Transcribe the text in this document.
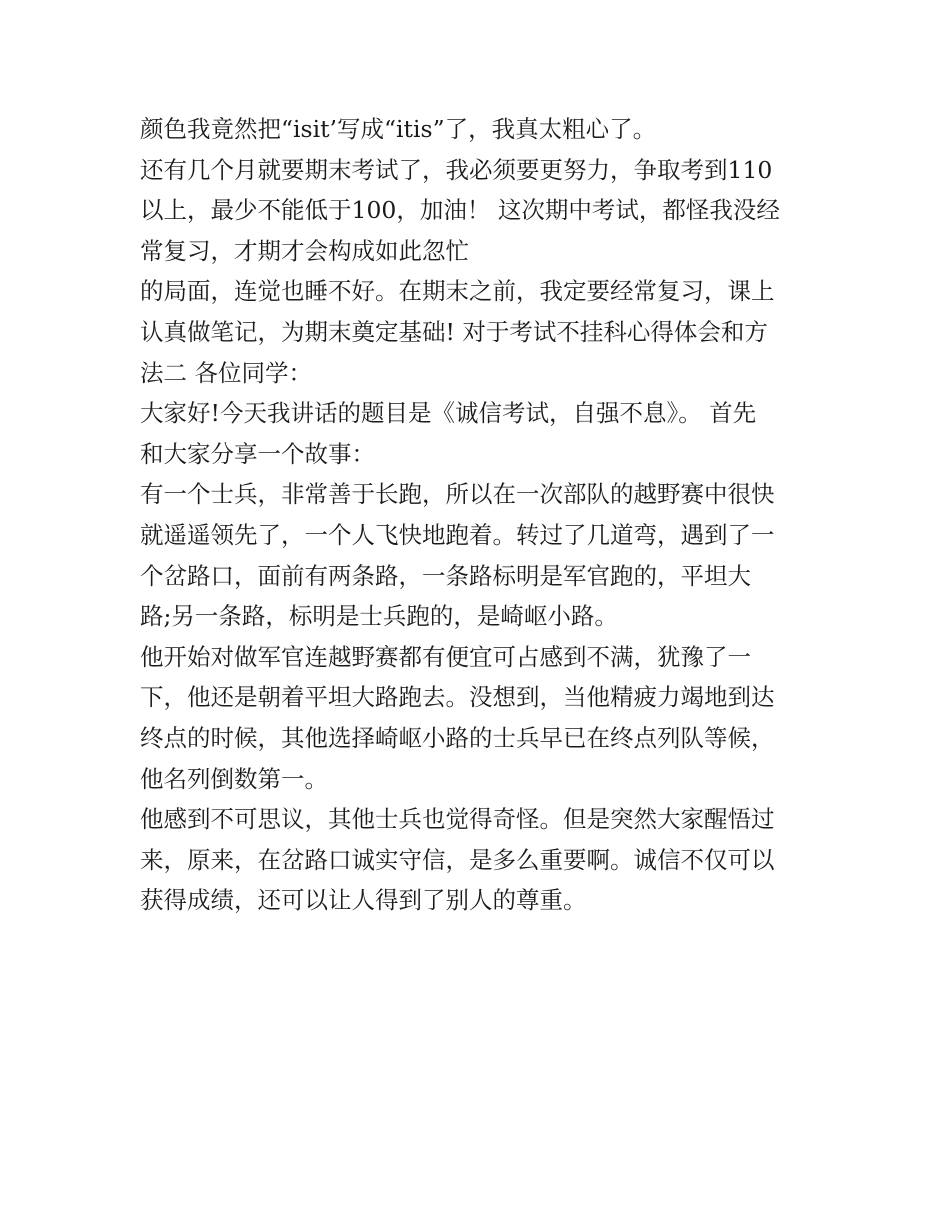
颜色我竟然把“isit’写成“itis”了，我真太粗心了。
还有几个月就要期末考试了，我必须要更努力，争取考到110
以上，最少不能低于100，加油！ 这次期中考试，都怪我没经
常复习，才期才会构成如此忽忙
的局面，连觉也睡不好。在期末之前，我定要经常复习，课上
认真做笔记，为期末奠定基础! 对于考试不挂科心得体会和方
法二 各位同学：
大家好!今天我讲话的题目是《诚信考试，自强不息》。 首先
和大家分享一个故事：
有一个士兵，非常善于长跑，所以在一次部队的越野赛中很快
就遥遥领先了，一个人飞快地跑着。转过了几道弯，遇到了一
个岔路口，面前有两条路，一条路标明是军官跑的，平坦大
路;另一条路，标明是士兵跑的，是崎岖小路。
他开始对做军官连越野赛都有便宜可占感到不满，犹豫了一
下，他还是朝着平坦大路跑去。没想到，当他精疲力竭地到达
终点的时候，其他选择崎岖小路的士兵早已在终点列队等候，
他名列倒数第一。
他感到不可思议，其他士兵也觉得奇怪。但是突然大家醒悟过
来，原来，在岔路口诚实守信，是多么重要啊。诚信不仅可以
获得成绩，还可以让人得到了别人的尊重。
